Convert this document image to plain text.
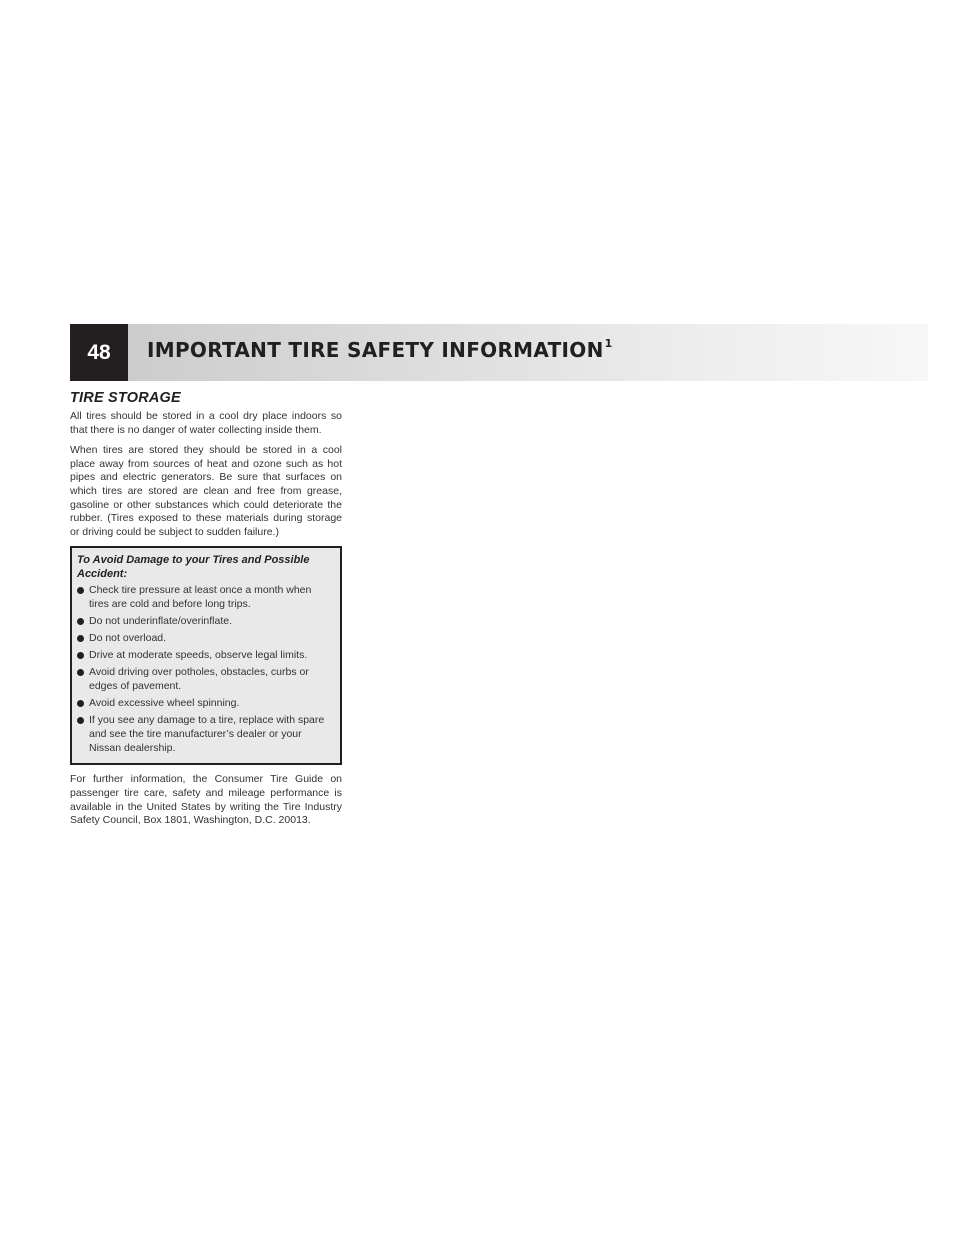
48	IMPORTANT TIRE SAFETY INFORMATION$^1$
TIRE STORAGE

All tires should be stored in a cool dry place indoors so that there is no danger of water collecting inside them.

When tires are stored they should be stored in a cool place away from sources of heat and ozone such as hot pipes and electric generators. Be sure that surfaces on which tires are stored are clean and free from grease, gasoline or other substances which could deteriorate the rubber. (Tires exposed to these materials during storage or driving could be subject to sudden failure.)

To Avoid Damage to your Tires and Possible Accident:
Check tire pressure at least once a month when tires are cold and before long trips.
Do not underinflate/overinflate.
Do not overload.
Drive at moderate speeds, observe legal limits.
Avoid driving over potholes, obstacles, curbs or edges of pavement.
Avoid excessive wheel spinning.
If you see any damage to a tire, replace with spare and see the tire manufacturer’s dealer or your Nissan dealership.

For further information, the Consumer Tire Guide on passenger tire care, safety and mileage performance is available in the United States by writing the Tire Industry Safety Council, Box 1801, Washington, D.C. 20013.
